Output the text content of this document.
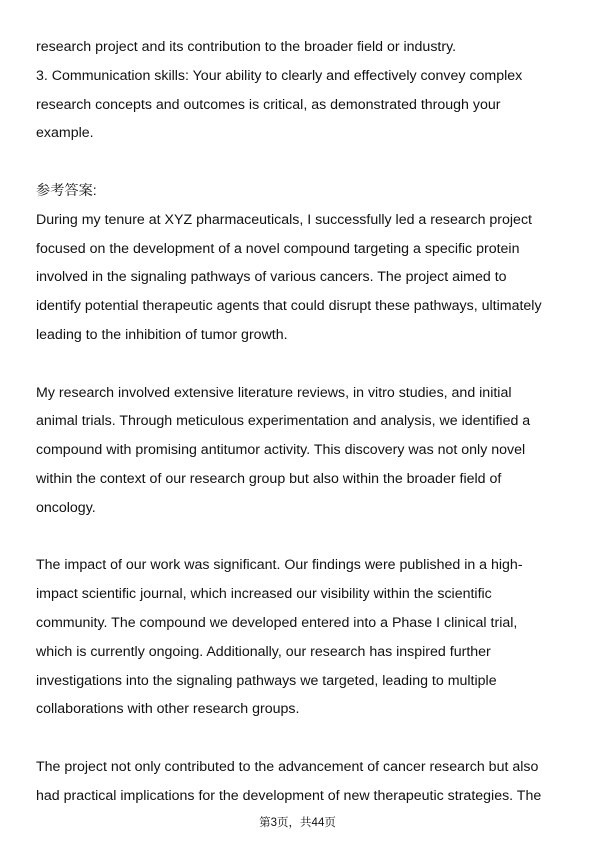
research project and its contribution to the broader field or industry.
3. Communication skills: Your ability to clearly and effectively convey complex
research concepts and outcomes is critical, as demonstrated through your
example.
参考答案:
During my tenure at XYZ pharmaceuticals, I successfully led a research project
focused on the development of a novel compound targeting a specific protein
involved in the signaling pathways of various cancers. The project aimed to
identify potential therapeutic agents that could disrupt these pathways, ultimately
leading to the inhibition of tumor growth.
My research involved extensive literature reviews, in vitro studies, and initial
animal trials. Through meticulous experimentation and analysis, we identified a
compound with promising antitumor activity. This discovery was not only novel
within the context of our research group but also within the broader field of
oncology.
The impact of our work was significant. Our findings were published in a high-
impact scientific journal, which increased our visibility within the scientific
community. The compound we developed entered into a Phase I clinical trial,
which is currently ongoing. Additionally, our research has inspired further
investigations into the signaling pathways we targeted, leading to multiple
collaborations with other research groups.
The project not only contributed to the advancement of cancer research but also
had practical implications for the development of new therapeutic strategies. The
第3页，共44页
